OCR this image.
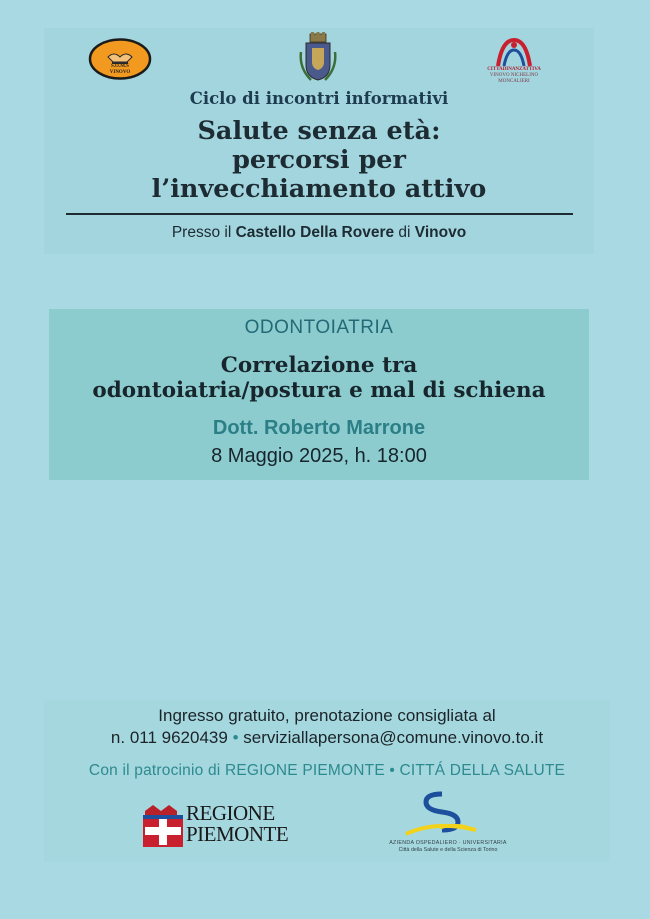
S.O.M.S
VINOVO
CITTADINANZATTIVA
VINOVO NICHELINO
MONCALIERI
Ciclo di incontri informativi
Salute senza età:
percorsi per
l’invecchiamento attivo
Presso il Castello Della Rovere di Vinovo
ODONTOIATRIA
Correlazione tra
odontoiatria/postura e mal di schiena
Dott. Roberto Marrone
8 Maggio 2025, h. 18:00
Ingresso gratuito, prenotazione consigliata al
n. 011 9620439 • serviziallapersona@comune.vinovo.to.it
Con il patrocinio di REGIONE PIEMONTE • CITTÁ DELLA SALUTE
REGIONE
PIEMONTE	AZIENDA OSPEDALIERO · UNIVERSITARIA
Città della Salute e della Scienza di Torino
